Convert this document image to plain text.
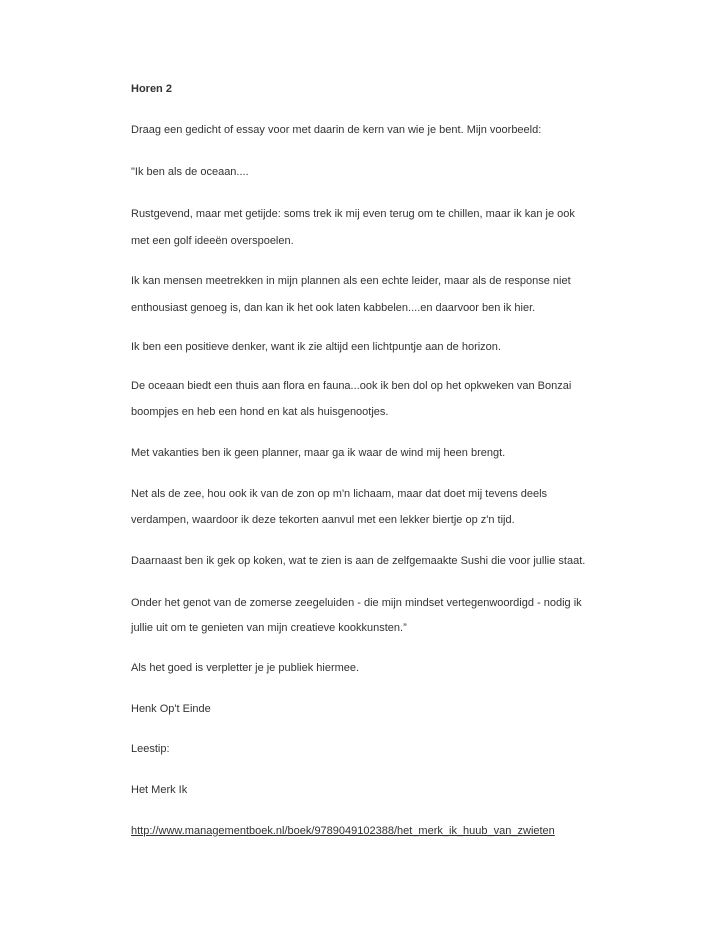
Horen 2
Draag een gedicht of essay voor met daarin de kern van wie je bent. Mijn voorbeeld:
"Ik ben als de oceaan....
Rustgevend, maar met getijde: soms trek ik mij even terug om te chillen, maar ik kan je ook
met een golf ideeën overspoelen.
Ik kan mensen meetrekken in mijn plannen als een echte leider, maar als de response niet
enthousiast genoeg is, dan kan ik het ook laten kabbelen....en daarvoor ben ik hier.
Ik ben een positieve denker, want ik zie altijd een lichtpuntje aan de horizon.
De oceaan biedt een thuis aan flora en fauna...ook ik ben dol op het opkweken van Bonzai
boompjes en heb een hond en kat als huisgenootjes.
Met vakanties ben ik geen planner, maar ga ik waar de wind mij heen brengt.
Net als de zee, hou ook ik van de zon op m'n lichaam, maar dat doet mij tevens deels
verdampen, waardoor ik deze tekorten aanvul met een lekker biertje op z'n tijd.
Daarnaast ben ik gek op koken, wat te zien is aan de zelfgemaakte Sushi die voor jullie staat.
Onder het genot van de zomerse zeegeluiden - die mijn mindset vertegenwoordigd - nodig ik
jullie uit om te genieten van mijn creatieve kookkunsten.”
Als het goed is verpletter je je publiek hiermee.
Henk Op't Einde
Leestip:
Het Merk Ik
http://www.managementboek.nl/boek/9789049102388/het_merk_ik_huub_van_zwieten
